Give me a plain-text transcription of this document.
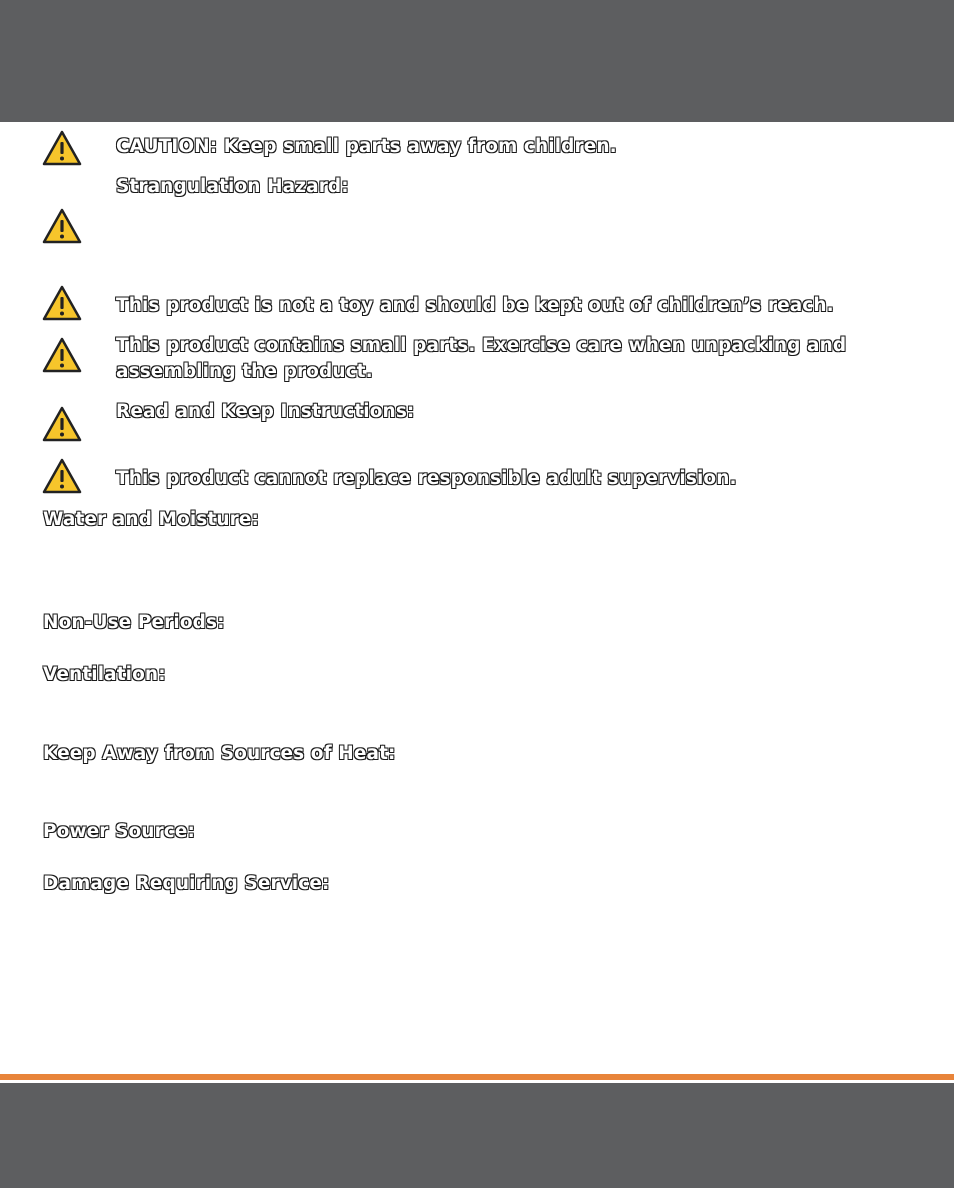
CAUTION: Keep small parts away from children.

Strangulation Hazard:

This product is not a toy and should be kept out of children’s reach.

This product contains small parts. Exercise care when unpacking and

assembling the product.

Read and Keep Instructions:

This product cannot replace responsible adult supervision.

Water and Moisture:

Non-Use Periods:

Ventilation:

Keep Away from Sources of Heat:

Power Source:

Damage Requiring Service:
